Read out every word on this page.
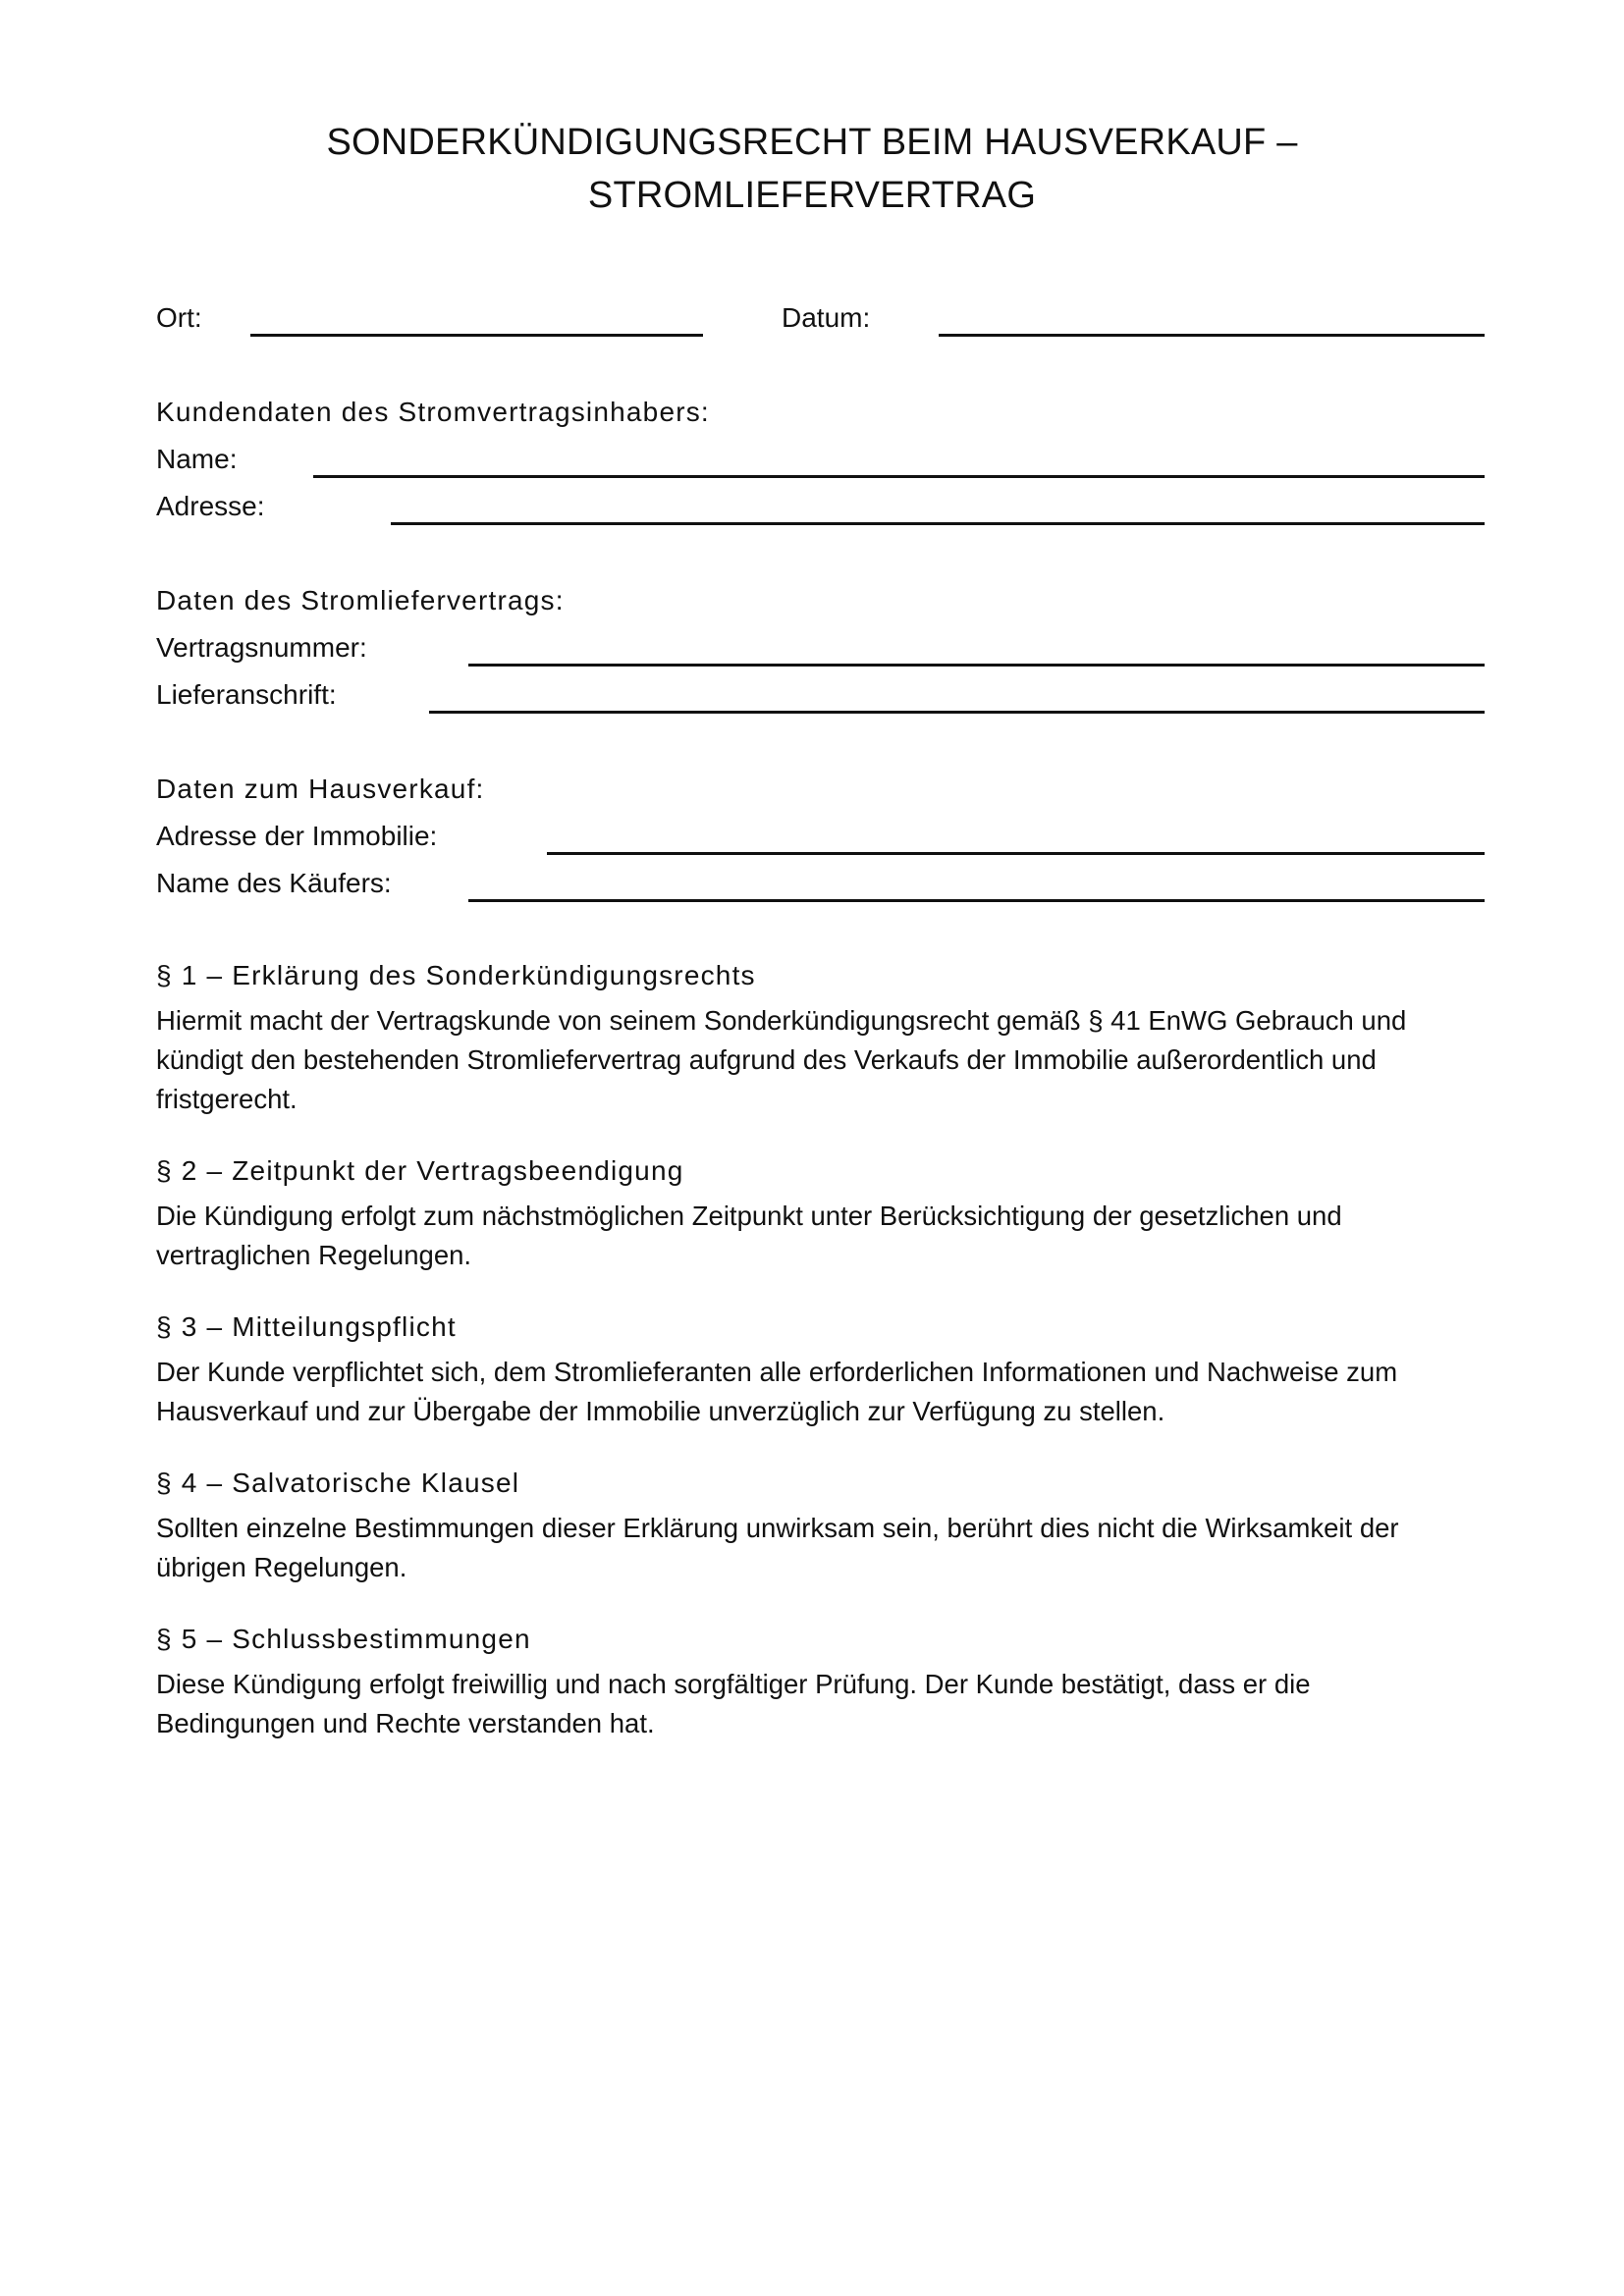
SONDERKÜNDIGUNGSRECHT BEIM HAUSVERKAUF –
STROMLIEFERVERTRAG
Ort:	Datum:
Kundendaten des Stromvertragsinhabers:
Name:
Adresse:
Daten des Stromliefervertrags:
Vertragsnummer:
Lieferanschrift:
Daten zum Hausverkauf:
Adresse der Immobilie:
Name des Käufers:
§ 1 – Erklärung des Sonderkündigungsrechts
Hiermit macht der Vertragskunde von seinem Sonderkündigungsrecht gemäß § 41 EnWG Gebrauch und
kündigt den bestehenden Stromliefervertrag aufgrund des Verkaufs der Immobilie außerordentlich und
fristgerecht.
§ 2 – Zeitpunkt der Vertragsbeendigung
Die Kündigung erfolgt zum nächstmöglichen Zeitpunkt unter Berücksichtigung der gesetzlichen und
vertraglichen Regelungen.
§ 3 – Mitteilungspflicht
Der Kunde verpflichtet sich, dem Stromlieferanten alle erforderlichen Informationen und Nachweise zum
Hausverkauf und zur Übergabe der Immobilie unverzüglich zur Verfügung zu stellen.
§ 4 – Salvatorische Klausel
Sollten einzelne Bestimmungen dieser Erklärung unwirksam sein, berührt dies nicht die Wirksamkeit der
übrigen Regelungen.
§ 5 – Schlussbestimmungen
Diese Kündigung erfolgt freiwillig und nach sorgfältiger Prüfung. Der Kunde bestätigt, dass er die
Bedingungen und Rechte verstanden hat.
